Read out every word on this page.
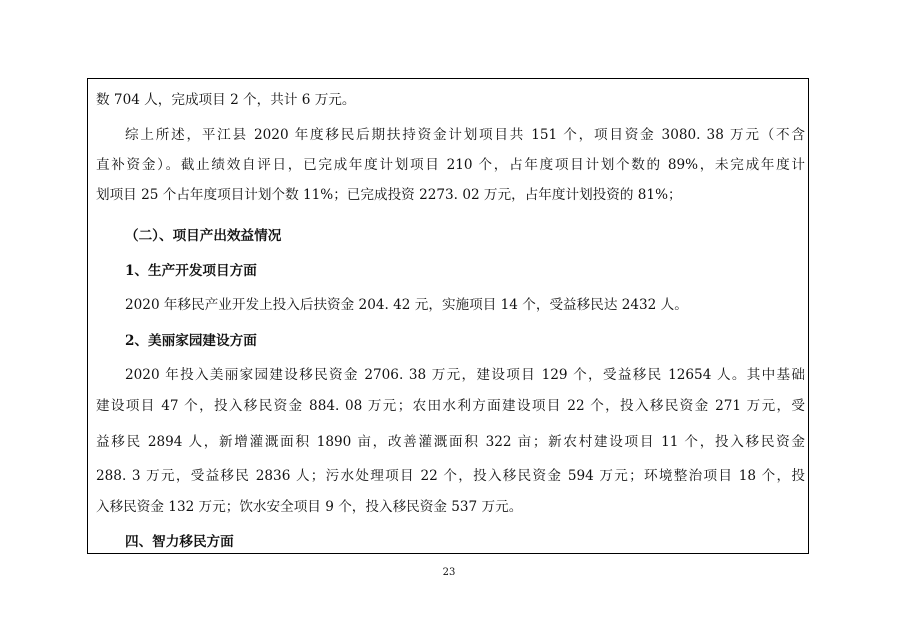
数 704 人，完成项目 2 个，共计 6 万元。
综上所述，平江县 2020 年度移民后期扶持资金计划项目共 151 个，项目资金 3080. 38 万元（不含
直补资金）。截止绩效自评日，已完成年度计划项目 210 个，占年度项目计划个数的 89%，未完成年度计
划项目 25 个占年度项目计划个数 11%；已完成投资 2273. 02 万元，占年度计划投资的 81%；
（二）、项目产出效益情况
1、生产开发项目方面
2020 年移民产业开发上投入后扶资金 204. 42 元，实施项目 14 个，受益移民达 2432 人。
2、美丽家园建设方面
2020 年投入美丽家园建设移民资金 2706. 38 万元，建设项目 129 个，受益移民 12654 人。其中基础
建设项目 47 个，投入移民资金 884. 08 万元；农田水利方面建设项目 22 个，投入移民资金 271 万元，受
益移民 2894 人，新增灌溉面积 1890 亩，改善灌溉面积 322 亩；新农村建设项目 11 个，投入移民资金
288. 3 万元，受益移民 2836 人；污水处理项目 22 个，投入移民资金 594 万元；环境整治项目 18 个，投
入移民资金 132 万元；饮水安全项目 9 个，投入移民资金 537 万元。
四、智力移民方面
23
